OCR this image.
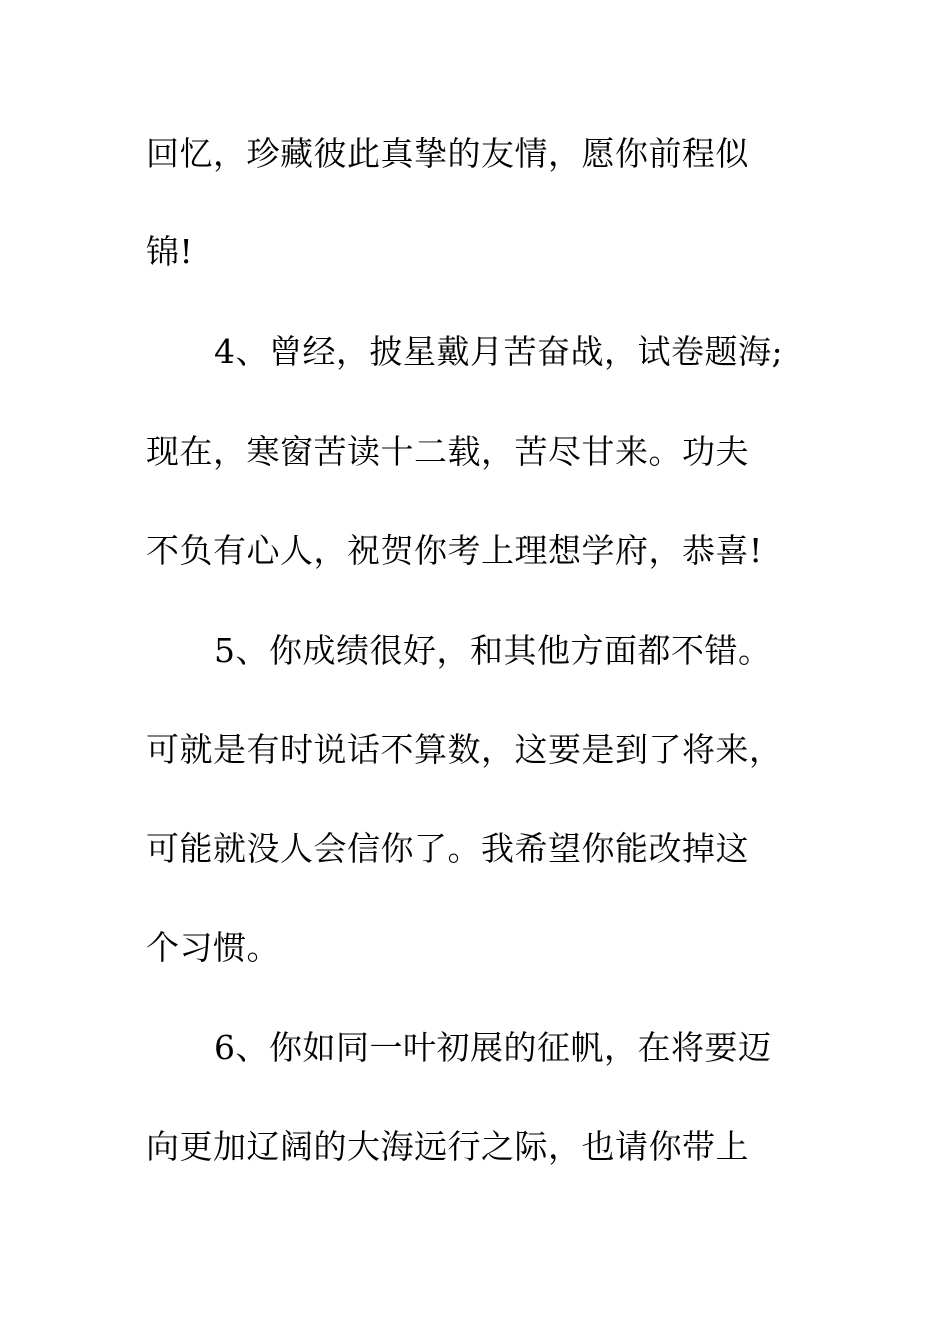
回忆，珍藏彼此真挚的友情，愿你前程似
锦!
4、曾经，披星戴月苦奋战，试卷题海;
现在，寒窗苦读十二载，苦尽甘来。功夫
不负有心人，祝贺你考上理想学府，恭喜!
5、你成绩很好，和其他方面都不错。
可就是有时说话不算数，这要是到了将来，
可能就没人会信你了。我希望你能改掉这
个习惯。
6、你如同一叶初展的征帆，在将要迈
向更加辽阔的大海远行之际，也请你带上
